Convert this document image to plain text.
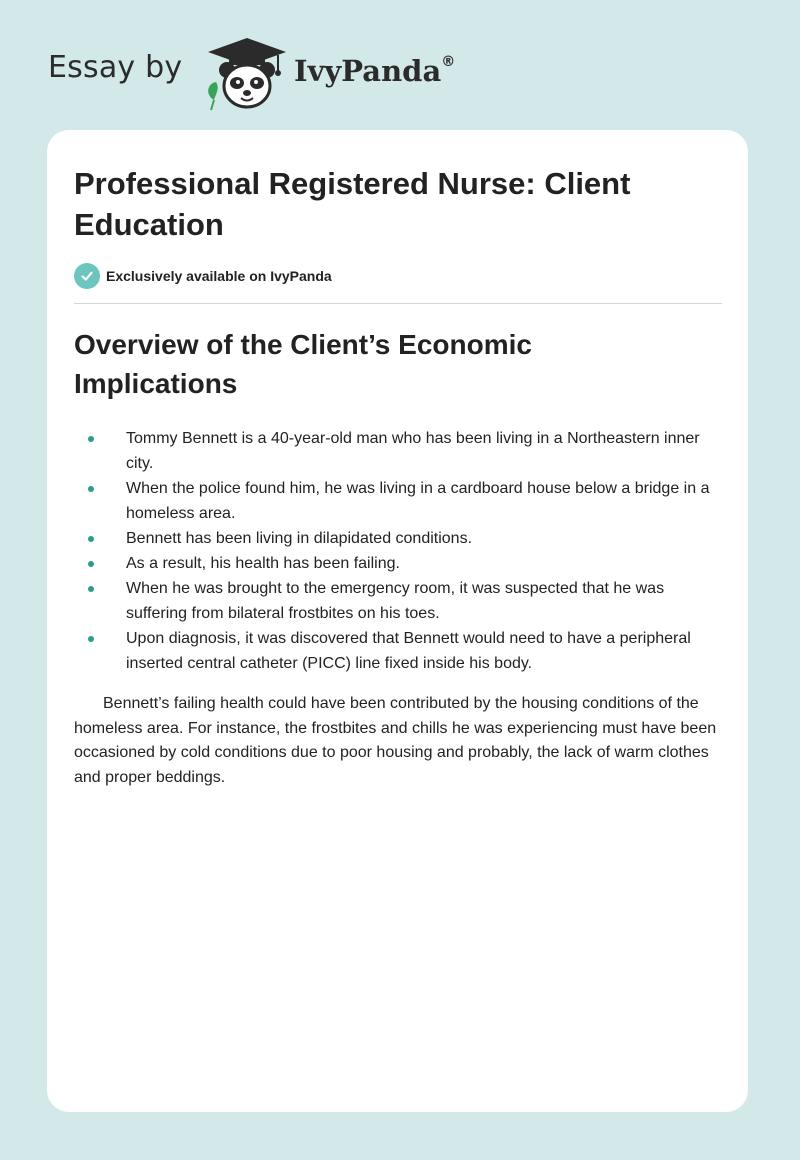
Essay by	IvyPanda®
Professional Registered Nurse: Client Education
Exclusively available on IvyPanda
Overview of the Client’s Economic Implications
Tommy Bennett is a 40-year-old man who has been living in a Northeastern inner city.
When the police found him, he was living in a cardboard house below a bridge in a homeless area.
Bennett has been living in dilapidated conditions.
As a result, his health has been failing.
When he was brought to the emergency room, it was suspected that he was suffering from bilateral frostbites on his toes.
Upon diagnosis, it was discovered that Bennett would need to have a peripheral inserted central catheter (PICC) line fixed inside his body.

Bennett’s failing health could have been contributed by the housing conditions of the homeless area. For instance, the frostbites and chills he was experiencing must have been occasioned by cold conditions due to poor housing and probably, the lack of warm clothes and proper beddings.
